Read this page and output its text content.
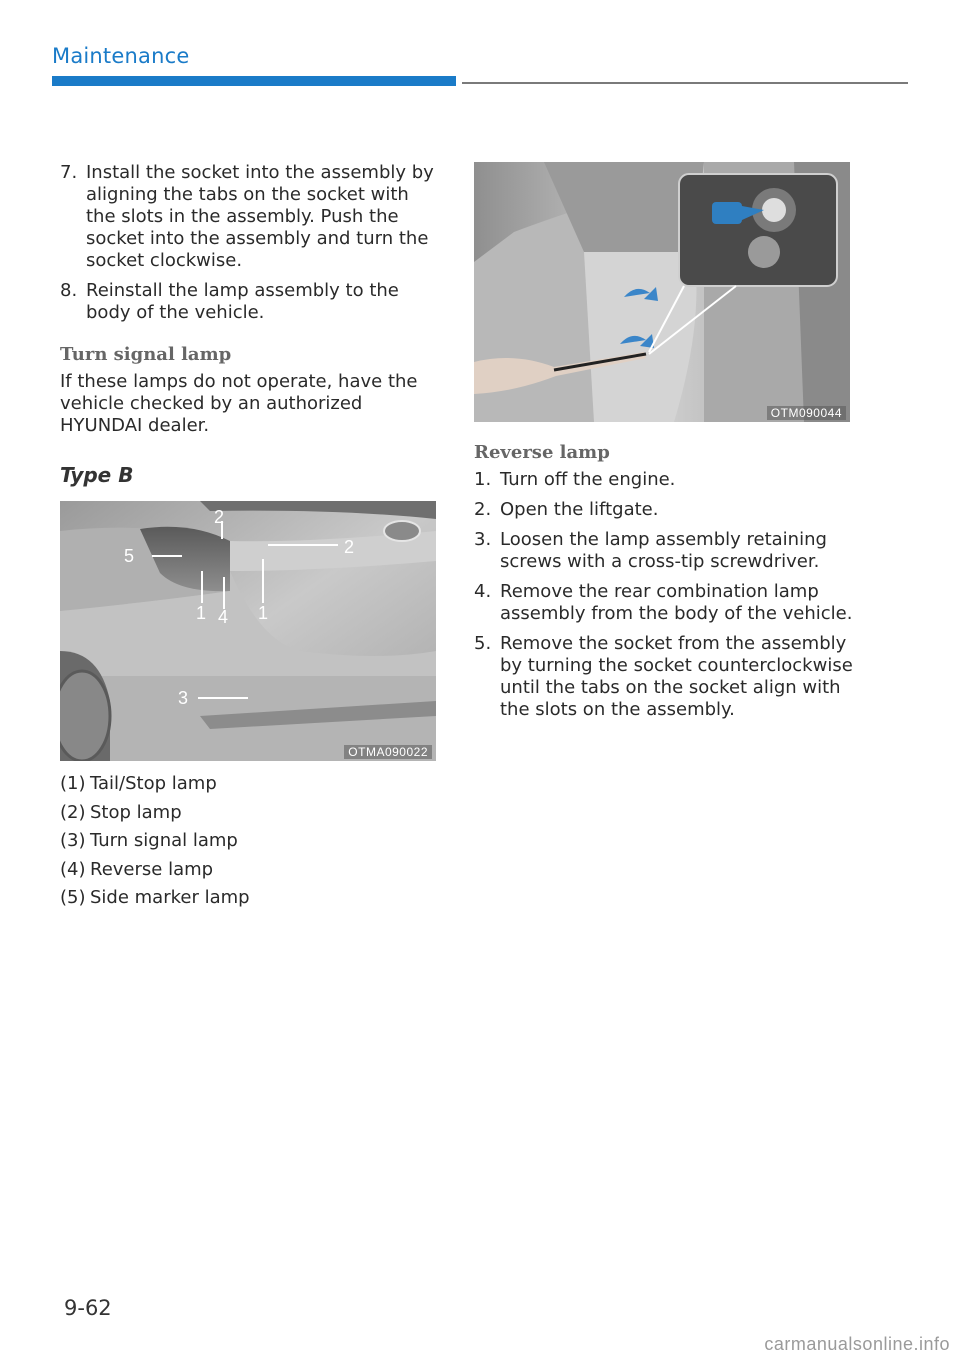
Maintenance
7. Install the socket into the assembly by aligning the tabs on the socket with the slots in the assembly. Push the socket into the assembly and turn the socket clockwise.
8. Reinstall the lamp assembly to the body of the vehicle.
Turn signal lamp

If these lamps do not operate, have the vehicle checked by an authorized HYUNDAI dealer.

Type B
1	1
2
2
3
4
5
OTMA090022
(1) Tail/Stop lamp
(2) Stop lamp
(3) Turn signal lamp
(4) Reverse lamp
(5) Side marker lamp
OTM090044
Reverse lamp
1. Turn off the engine.
2. Open the liftgate.
3. Loosen the lamp assembly retaining screws with a cross-tip screwdriver.
4. Remove the rear combination lamp assembly from the body of the vehicle.
5. Remove the socket from the assembly by turning the socket counterclockwise until the tabs on the socket align with the slots on the assembly.
9-62
carmanualsonline.info
